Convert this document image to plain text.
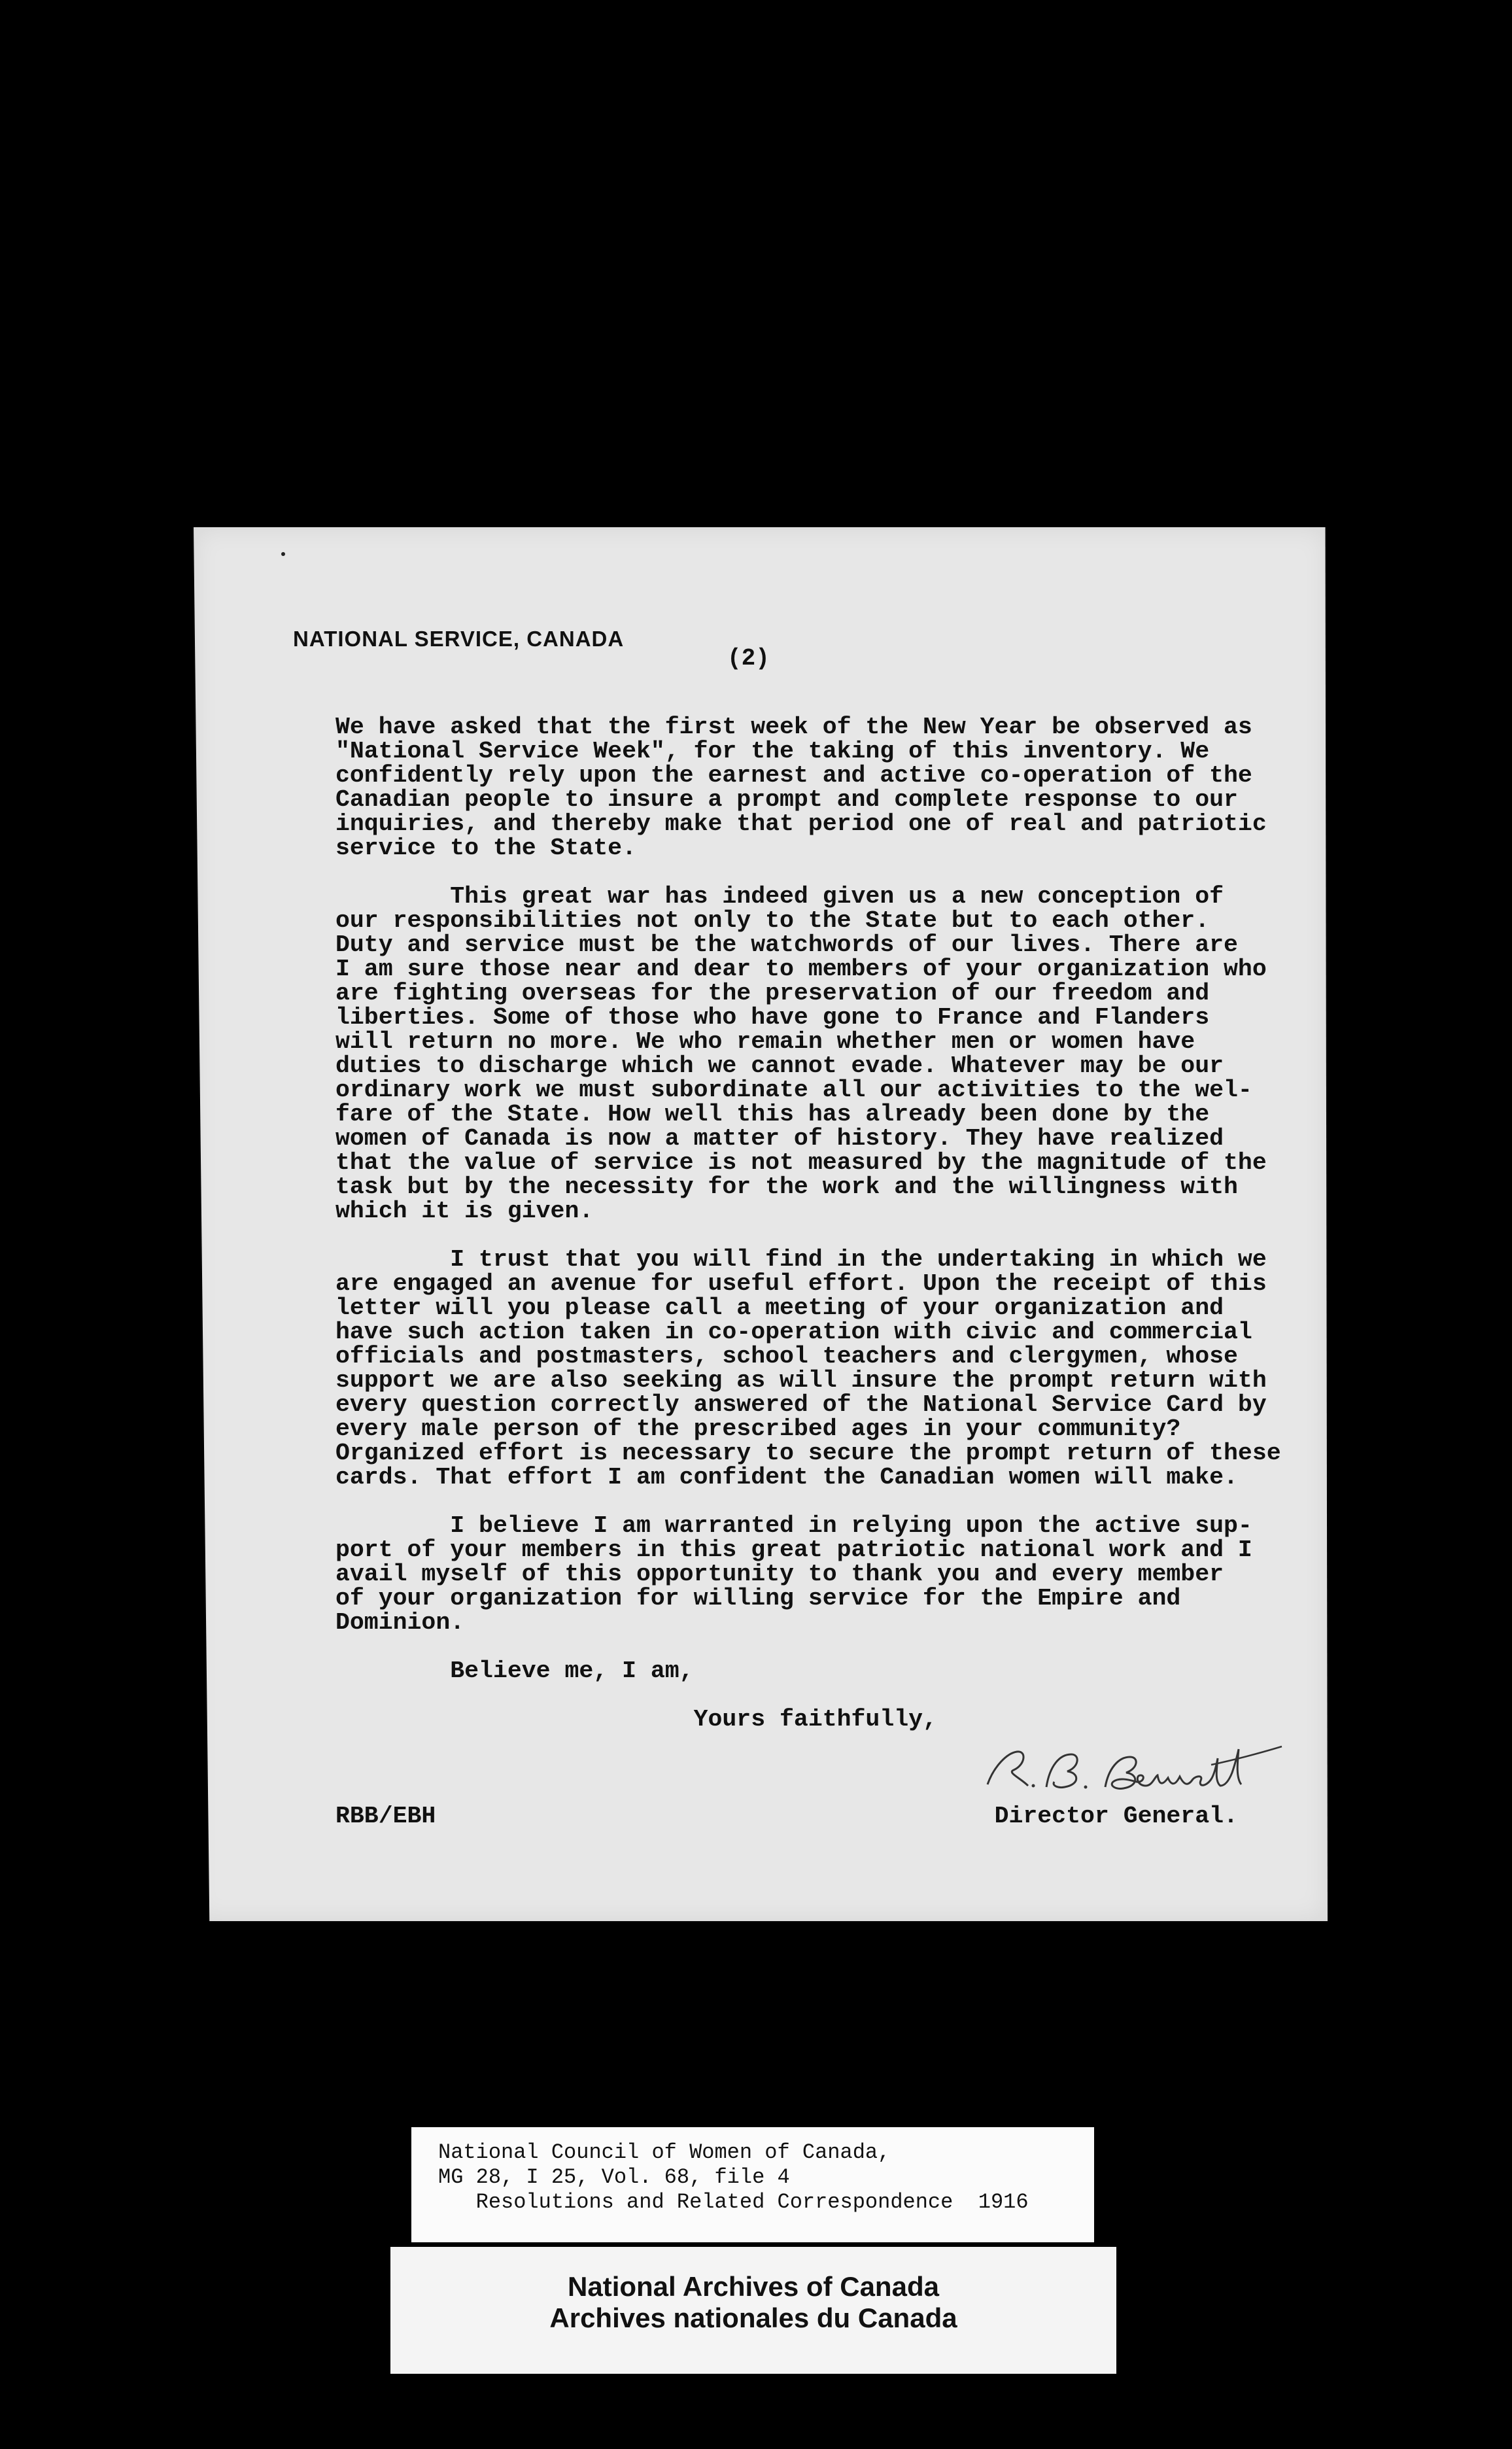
NATIONAL SERVICE, CANADA
(2)
We have asked that the first week of the New Year be observed as
"National Service Week", for the taking of this inventory. We
confidently rely upon the earnest and active co-operation of the
Canadian people to insure a prompt and complete response to our
inquiries, and thereby make that period one of real and patriotic
service to the State.
This great war has indeed given us a new conception of
our responsibilities not only to the State but to each other.
Duty and service must be the watchwords of our lives. There are
I am sure those near and dear to members of your organization who
are fighting overseas for the preservation of our freedom and
liberties. Some of those who have gone to France and Flanders
will return no more. We who remain whether men or women have
duties to discharge which we cannot evade. Whatever may be our
ordinary work we must subordinate all our activities to the wel-
fare of the State. How well this has already been done by the
women of Canada is now a matter of history. They have realized
that the value of service is not measured by the magnitude of the
task but by the necessity for the work and the willingness with
which it is given.
I trust that you will find in the undertaking in which we
are engaged an avenue for useful effort. Upon the receipt of this
letter will you please call a meeting of your organization and
have such action taken in co-operation with civic and commercial
officials and postmasters, school teachers and clergymen, whose
support we are also seeking as will insure the prompt return with
every question correctly answered of the National Service Card by
every male person of the prescribed ages in your community?
Organized effort is necessary to secure the prompt return of these
cards. That effort I am confident the Canadian women will make.
I believe I am warranted in relying upon the active sup-
port of your members in this great patriotic national work and I
avail myself of this opportunity to thank you and every member
of your organization for willing service for the Empire and
Dominion.
Believe me, I am,
Yours faithfully,
RBB/EBH                                       Director General.
National Council of Women of Canada,
MG 28, I 25, Vol. 68, file 4
Resolutions and Related Correspondence  1916
National Archives of Canada
Archives nationales du Canada
